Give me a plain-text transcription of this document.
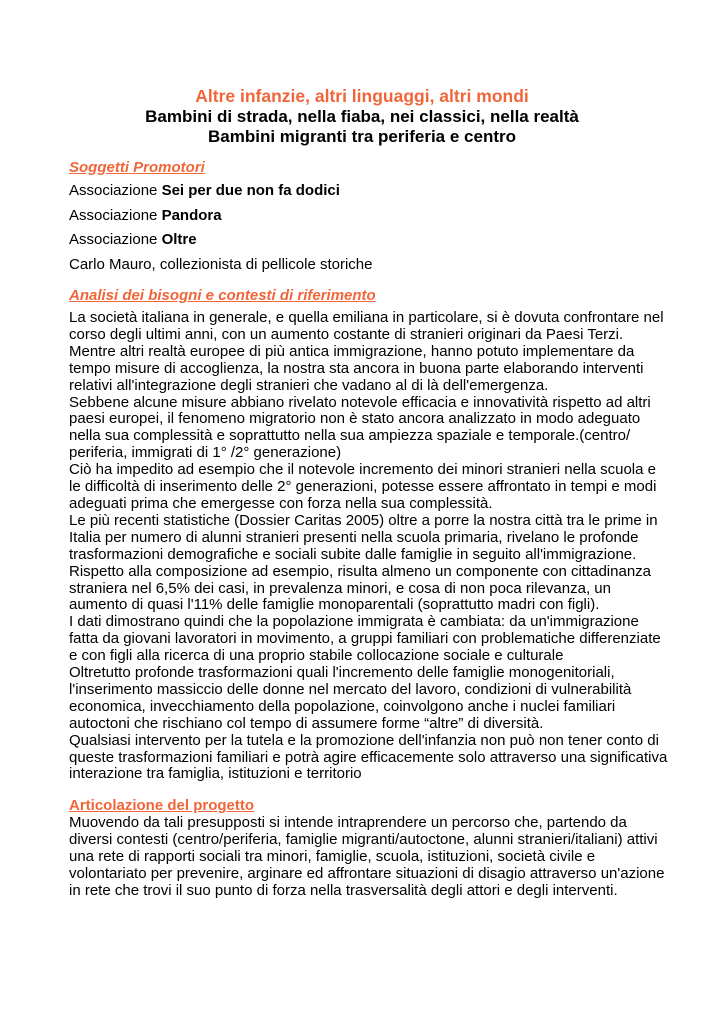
Altre infanzie, altri linguaggi, altri mondi
Bambini di strada, nella fiaba, nei classici, nella realtà
Bambini migranti tra periferia e centro
Soggetti Promotori

Associazione Sei per due non fa dodici

Associazione Pandora

Associazione Oltre

Carlo Mauro, collezionista di pellicole storiche

Analisi dei bisogni e contesti di riferimento

La società italiana in generale, e quella emiliana in particolare, si è dovuta confrontare nel
corso degli ultimi anni, con un aumento costante di stranieri originari da Paesi Terzi.
Mentre altri realtà europee di più antica immigrazione, hanno potuto implementare da
tempo misure di accoglienza, la nostra sta ancora in buona parte elaborando interventi
relativi all'integrazione degli stranieri che vadano al di là dell'emergenza.
Sebbene alcune misure abbiano rivelato notevole efficacia e innovatività rispetto ad altri
paesi europei, il fenomeno migratorio non è stato ancora analizzato in modo adeguato
nella sua complessità e soprattutto nella sua ampiezza spaziale e temporale.(centro/
periferia, immigrati di 1° /2° generazione)
Ciò ha impedito ad esempio che il notevole incremento dei minori stranieri nella scuola e
le difficoltà di inserimento delle 2° generazioni, potesse essere affrontato in tempi e modi
adeguati prima che emergesse con forza nella sua complessità.
Le più recenti statistiche (Dossier Caritas 2005) oltre a porre la nostra città tra le prime in
Italia per numero di alunni stranieri presenti nella scuola primaria, rivelano le profonde
trasformazioni demografiche e sociali subite dalle famiglie in seguito all'immigrazione.
Rispetto alla composizione ad esempio, risulta almeno un componente con cittadinanza
straniera nel 6,5% dei casi, in prevalenza minori, e cosa di non poca rilevanza, un
aumento di quasi l'11% delle famiglie monoparentali (soprattutto madri con figli).
I dati dimostrano quindi che la popolazione immigrata è cambiata: da un'immigrazione
fatta da giovani lavoratori in movimento, a gruppi familiari con problematiche differenziate
e con figli alla ricerca di una proprio stabile collocazione sociale e culturale
Oltretutto profonde trasformazioni quali l'incremento delle famiglie monogenitoriali,
l'inserimento massiccio delle donne nel mercato del lavoro, condizioni di vulnerabilità
economica, invecchiamento della popolazione, coinvolgono anche i nuclei familiari
autoctoni che rischiano col tempo di assumere forme “altre” di diversità.
Qualsiasi intervento per la tutela e la promozione dell'infanzia non può non tener conto di
queste trasformazioni familiari e potrà agire efficacemente solo attraverso una significativa
interazione tra famiglia, istituzioni e territorio

Articolazione del progetto

Muovendo da tali presupposti si intende intraprendere un percorso che, partendo da
diversi contesti (centro/periferia, famiglie migranti/autoctone, alunni stranieri/italiani) attivi
una rete di rapporti sociali tra minori, famiglie, scuola, istituzioni, società civile e
volontariato per prevenire, arginare ed affrontare situazioni di disagio attraverso un'azione
in rete che trovi il suo punto di forza nella trasversalità degli attori e degli interventi.
